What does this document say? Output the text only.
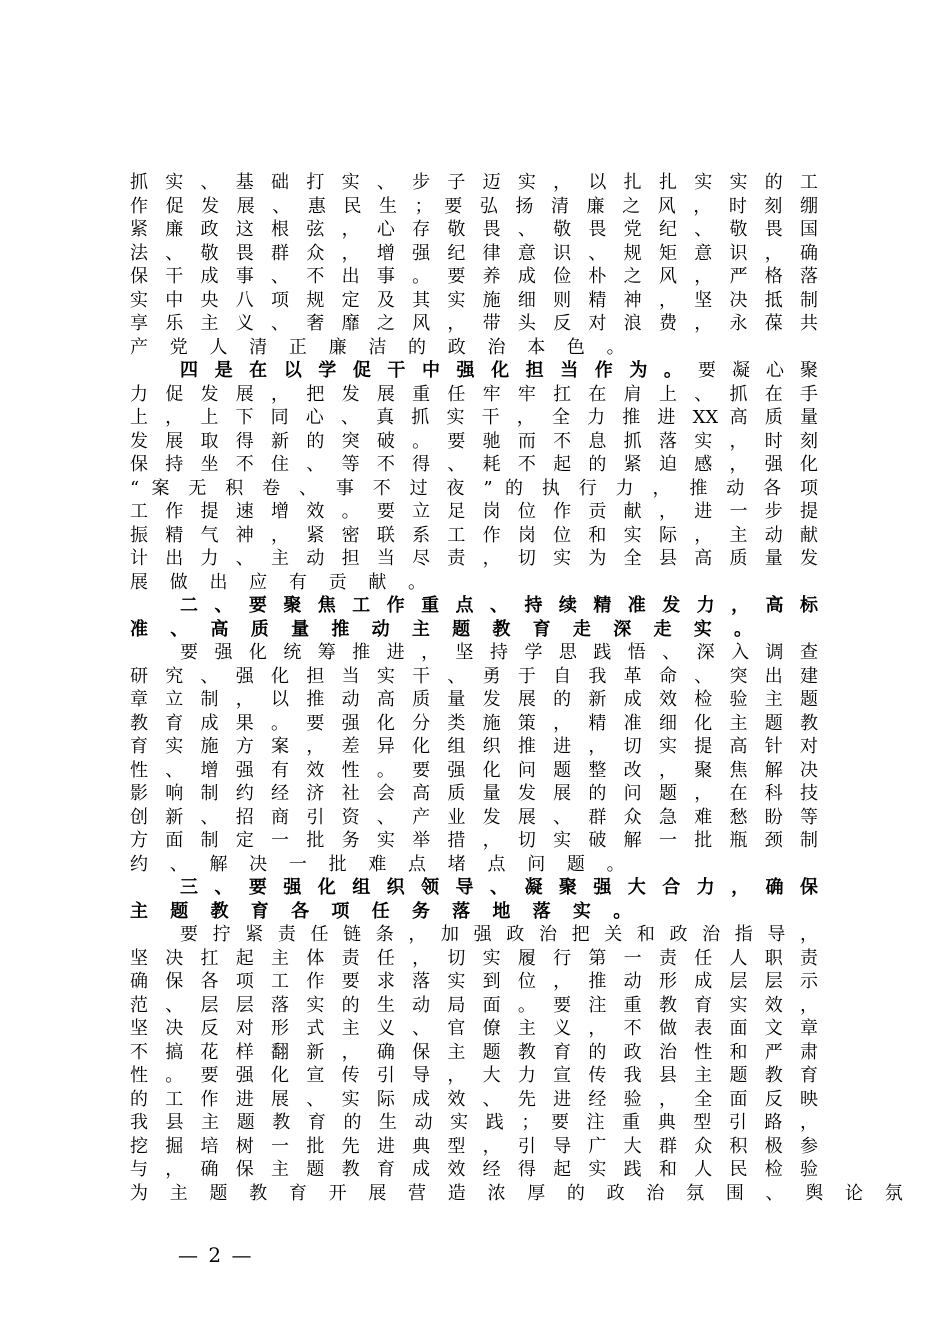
抓 实 、 基 础 打 实 、 步 子 迈 实 ， 以 扎 扎 实 实 的 工
作 促 发 展 、 惠 民 生 ； 要 弘 扬 清 廉 之 风 ， 时 刻 绷
紧 廉 政 这 根 弦 ， 心 存 敬 畏 、 敬 畏 党 纪 、 敬 畏 国
法 、 敬 畏 群 众 ， 增 强 纪 律 意 识 、 规 矩 意 识 ， 确
保 干 成 事 、 不 出 事 。 要 养 成 俭 朴 之 风 ， 严 格 落
实 中 央 八 项 规 定 及 其 实 施 细 则 精 神 ， 坚 决 抵 制
享 乐 主 义 、 奢 靡 之 风 ， 带 头 反 对 浪 费 ， 永 葆 共
产 党 人 清 正 廉 洁 的 政 治 本 色 。
四 是 在 以 学 促 干 中 强 化 担 当 作 为 。 要 凝 心 聚
力 促 发 展 ， 把 发 展 重 任 牢 牢 扛 在 肩 上 、 抓 在 手
上 ， 上 下 同 心 、 真 抓 实 干 ， 全 力 推 进 XX 高 质 量
发 展 取 得 新 的 突 破 。 要 驰 而 不 息 抓 落 实 ， 时 刻
保 持 坐 不 住 、 等 不 得 、 耗 不 起 的 紧 迫 感 ， 强 化
“ 案 无 积 卷 、 事 不 过 夜 ” 的 执 行 力 ， 推 动 各 项
工 作 提 速 增 效 。 要 立 足 岗 位 作 贡 献 ， 进 一 步 提
振 精 气 神 ， 紧 密 联 系 工 作 岗 位 和 实 际 ， 主 动 献
计 出 力 、 主 动 担 当 尽 责 ， 切 实 为 全 县 高 质 量 发
展 做 出 应 有 贡 献 。
二 、 要 聚 焦 工 作 重 点 、 持 续 精 准 发 力 ， 高 标
准 、 高 质 量 推 动 主 题 教 育 走 深 走 实 。
要 强 化 统 筹 推 进 ， 坚 持 学 思 践 悟 、 深 入 调 查
研 究 、 强 化 担 当 实 干 、 勇 于 自 我 革 命 、 突 出 建
章 立 制 ， 以 推 动 高 质 量 发 展 的 新 成 效 检 验 主 题
教 育 成 果 。 要 强 化 分 类 施 策 ， 精 准 细 化 主 题 教
育 实 施 方 案 ， 差 异 化 组 织 推 进 ， 切 实 提 高 针 对
性 、 增 强 有 效 性 。 要 强 化 问 题 整 改 ， 聚 焦 解 决
影 响 制 约 经 济 社 会 高 质 量 发 展 的 问 题 ， 在 科 技
创 新 、 招 商 引 资 、 产 业 发 展 、 群 众 急 难 愁 盼 等
方 面 制 定 一 批 务 实 举 措 ， 切 实 破 解 一 批 瓶 颈 制
约 、 解 决 一 批 难 点 堵 点 问 题 。
三 、 要 强 化 组 织 领 导 、 凝 聚 强 大 合 力 ， 确 保
主 题 教 育 各 项 任 务 落 地 落 实 。
要 拧 紧 责 任 链 条 ， 加 强 政 治 把 关 和 政 治 指 导 ，
坚 决 扛 起 主 体 责 任 ， 切 实 履 行 第 一 责 任 人 职 责
确 保 各 项 工 作 要 求 落 实 到 位 ， 推 动 形 成 层 层 示
范 、 层 层 落 实 的 生 动 局 面 。 要 注 重 教 育 实 效 ，
坚 决 反 对 形 式 主 义 、 官 僚 主 义 ， 不 做 表 面 文 章
不 搞 花 样 翻 新 ， 确 保 主 题 教 育 的 政 治 性 和 严 肃
性 。 要 强 化 宣 传 引 导 ， 大 力 宣 传 我 县 主 题 教 育
的 工 作 进 展 、 实 际 成 效 、 先 进 经 验 ， 全 面 反 映
我 县 主 题 教 育 的 生 动 实 践 ； 要 注 重 典 型 引 路 ，
挖 掘 培 树 一 批 先 进 典 型 ， 引 导 广 大 群 众 积 极 参
与 ， 确 保 主 题 教 育 成 效 经 得 起 实 践 和 人 民 检 验
为 主 题 教 育 开 展 营 造 浓 厚 的 政 治 氛 围 、 舆 论 氛
— 2 —
